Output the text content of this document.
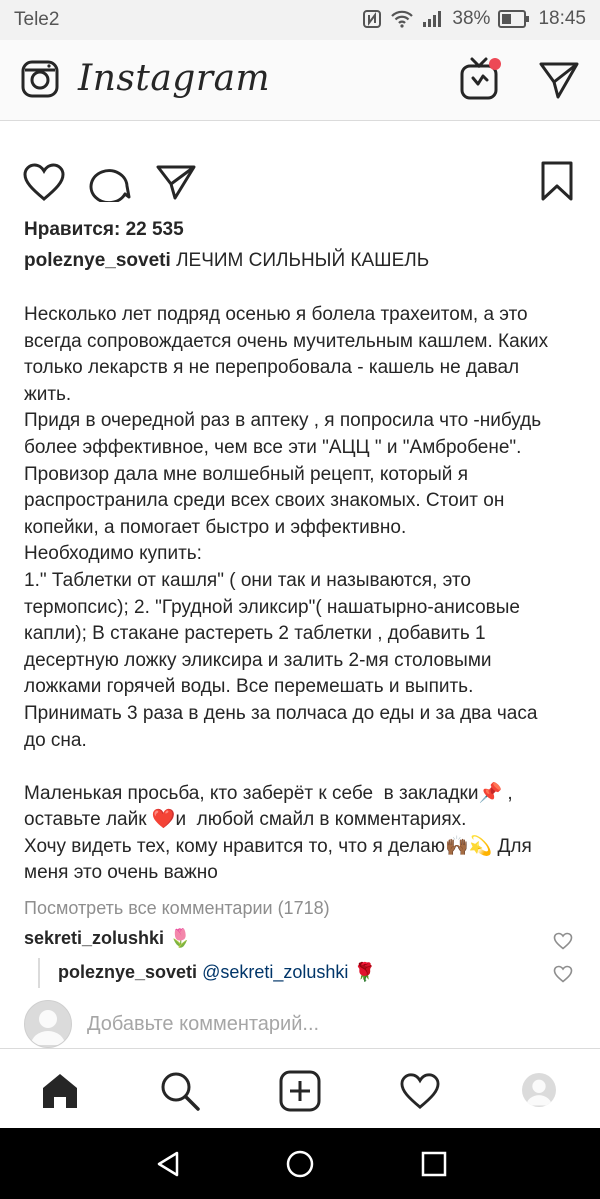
Tele2	38%	18:45
Instagram
Нравится: 22 535
poleznye_soveti ЛЕЧИМ СИЛЬНЫЙ КАШЕЛЬ
Несколько лет подряд осенью я болела трахеитом, а это
всегда сопровождается очень мучительным кашлем. Каких
только лекарств я не перепробовала - кашель не давал
жить.
Придя в очередной раз в аптеку , я попросила что -нибудь
более эффективное, чем все эти "АЦЦ " и "Амбробене".
Провизор дала мне волшебный рецепт, который я
распространила среди всех своих знакомых. Стоит он
копейки, а помогает быстро и эффективно.
Необходимо купить:
1." Таблетки от кашля" ( они так и называются, это
термопсис); 2. "Грудной эликсир"( нашатырно-анисовые
капли); В стакане растереть 2 таблетки , добавить 1
десертную ложку эликсира и залить 2-мя столовыми
ложками горячей воды. Все перемешать и выпить.
Принимать 3 раза в день за полчаса до еды и за два часа
до сна.

Маленькая просьба, кто заберёт к себе  в закладки📌 ,
оставьте лайк ❤️и  любой смайл в комментариях.
Хочу видеть тех, кому нравится то, что я делаю🙌🏾💫 Для
меня это очень важно
Посмотреть все комментарии (1718)
sekreti_zolushki 🌷
poleznye_soveti @sekreti_zolushki 🌹
Добавьте комментарий...
